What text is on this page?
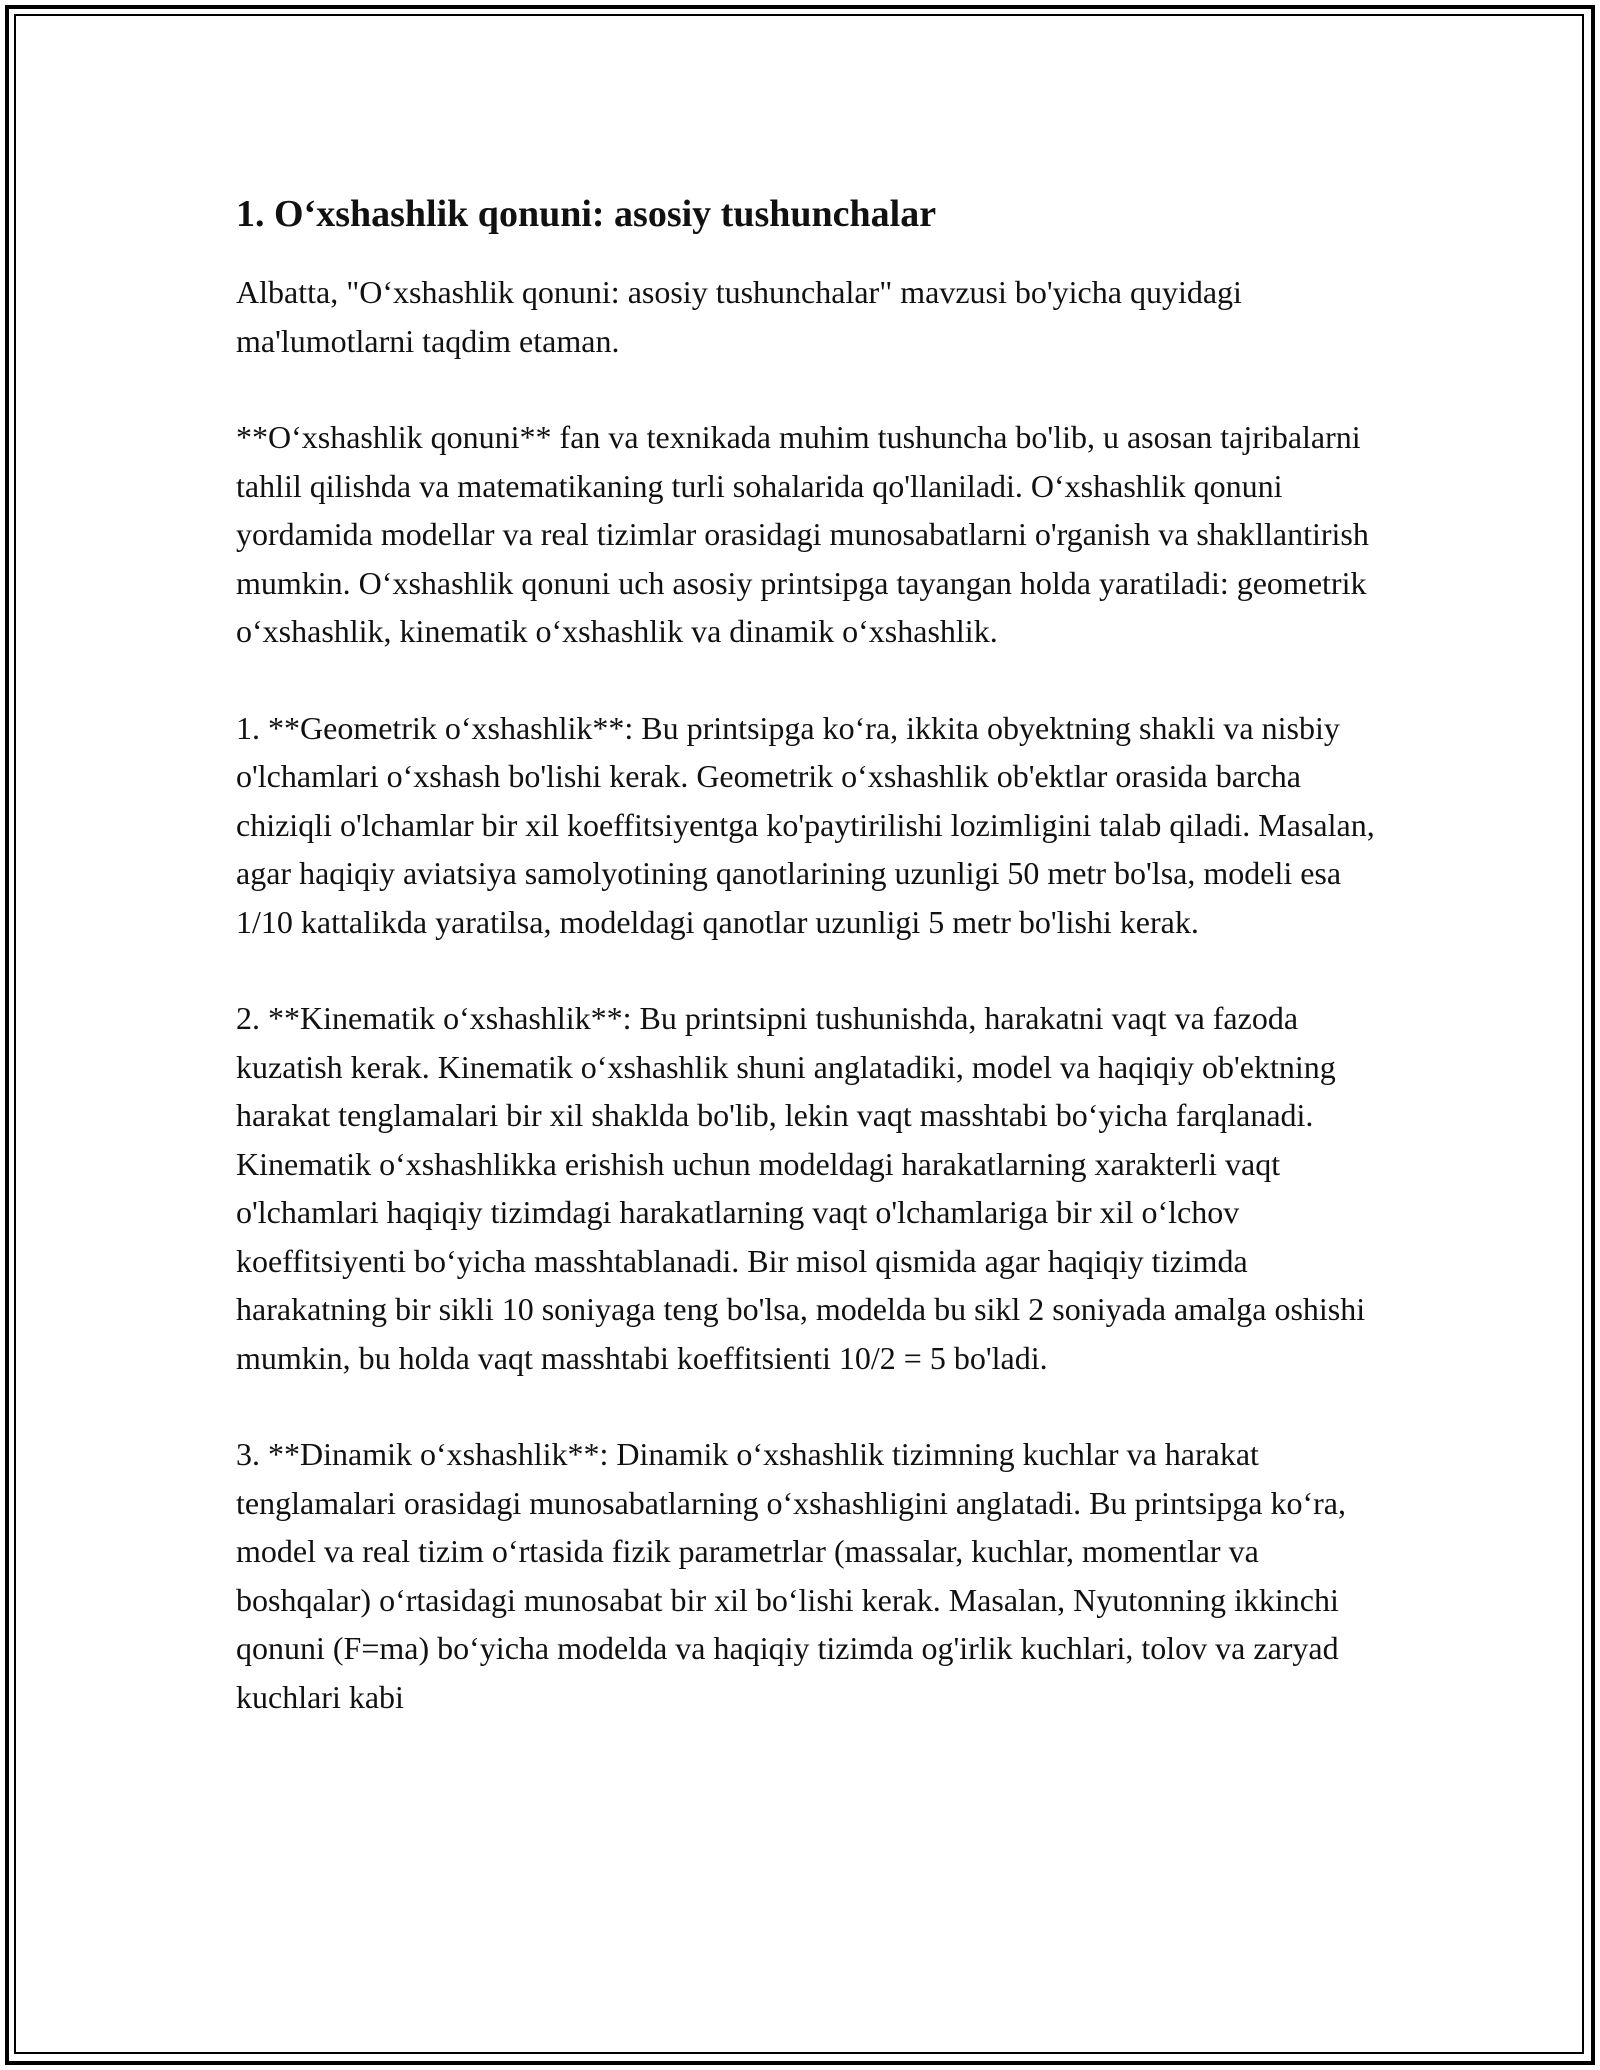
1. O‘xshashlik qonuni: asosiy tushunchalar

Albatta, "O‘xshashlik qonuni: asosiy tushunchalar" mavzusi bo'yicha quyidagi ma'lumotlarni taqdim etaman.

**O‘xshashlik qonuni** fan va texnikada muhim tushuncha bo'lib, u asosan tajribalarni tahlil qilishda va matematikaning turli sohalarida qo'llaniladi. O‘xshashlik qonuni yordamida modellar va real tizimlar orasidagi munosabatlarni o'rganish va shakllantirish mumkin. O‘xshashlik qonuni uch asosiy printsipga tayangan holda yaratiladi: geometrik o‘xshashlik, kinematik o‘xshashlik va dinamik o‘xshashlik.

1. **Geometrik o‘xshashlik**: Bu printsipga ko‘ra, ikkita obyektning shakli va nisbiy o'lchamlari o‘xshash bo'lishi kerak. Geometrik o‘xshashlik ob'ektlar orasida barcha chiziqli o'lchamlar bir xil koeffitsiyentga ko'paytirilishi lozimligini talab qiladi. Masalan, agar haqiqiy aviatsiya samolyotining qanotlarining uzunligi 50 metr bo'lsa, modeli esa 1/10 kattalikda yaratilsa, modeldagi qanotlar uzunligi 5 metr bo'lishi kerak.

2. **Kinematik o‘xshashlik**: Bu printsipni tushunishda, harakatni vaqt va fazoda kuzatish kerak. Kinematik o‘xshashlik shuni anglatadiki, model va haqiqiy ob'ektning harakat tenglamalari bir xil shaklda bo'lib, lekin vaqt masshtabi bo‘yicha farqlanadi. Kinematik o‘xshashlikka erishish uchun modeldagi harakatlarning xarakterli vaqt o'lchamlari haqiqiy tizimdagi harakatlarning vaqt o'lchamlariga bir xil o‘lchov koeffitsiyenti bo‘yicha masshtablanadi. Bir misol qismida agar haqiqiy tizimda harakatning bir sikli 10 soniyaga teng bo'lsa, modelda bu sikl 2 soniyada amalga oshishi mumkin, bu holda vaqt masshtabi koeffitsienti 10/2 = 5 bo'ladi.

3. **Dinamik o‘xshashlik**: Dinamik o‘xshashlik tizimning kuchlar va harakat tenglamalari orasidagi munosabatlarning o‘xshashligini anglatadi. Bu printsipga ko‘ra, model va real tizim o‘rtasida fizik parametrlar (massalar, kuchlar, momentlar va boshqalar) o‘rtasidagi munosabat bir xil bo‘lishi kerak. Masalan, Nyutonning ikkinchi qonuni (F=ma) bo‘yicha modelda va haqiqiy tizimda og'irlik kuchlari, tolov va zaryad kuchlari kabi
